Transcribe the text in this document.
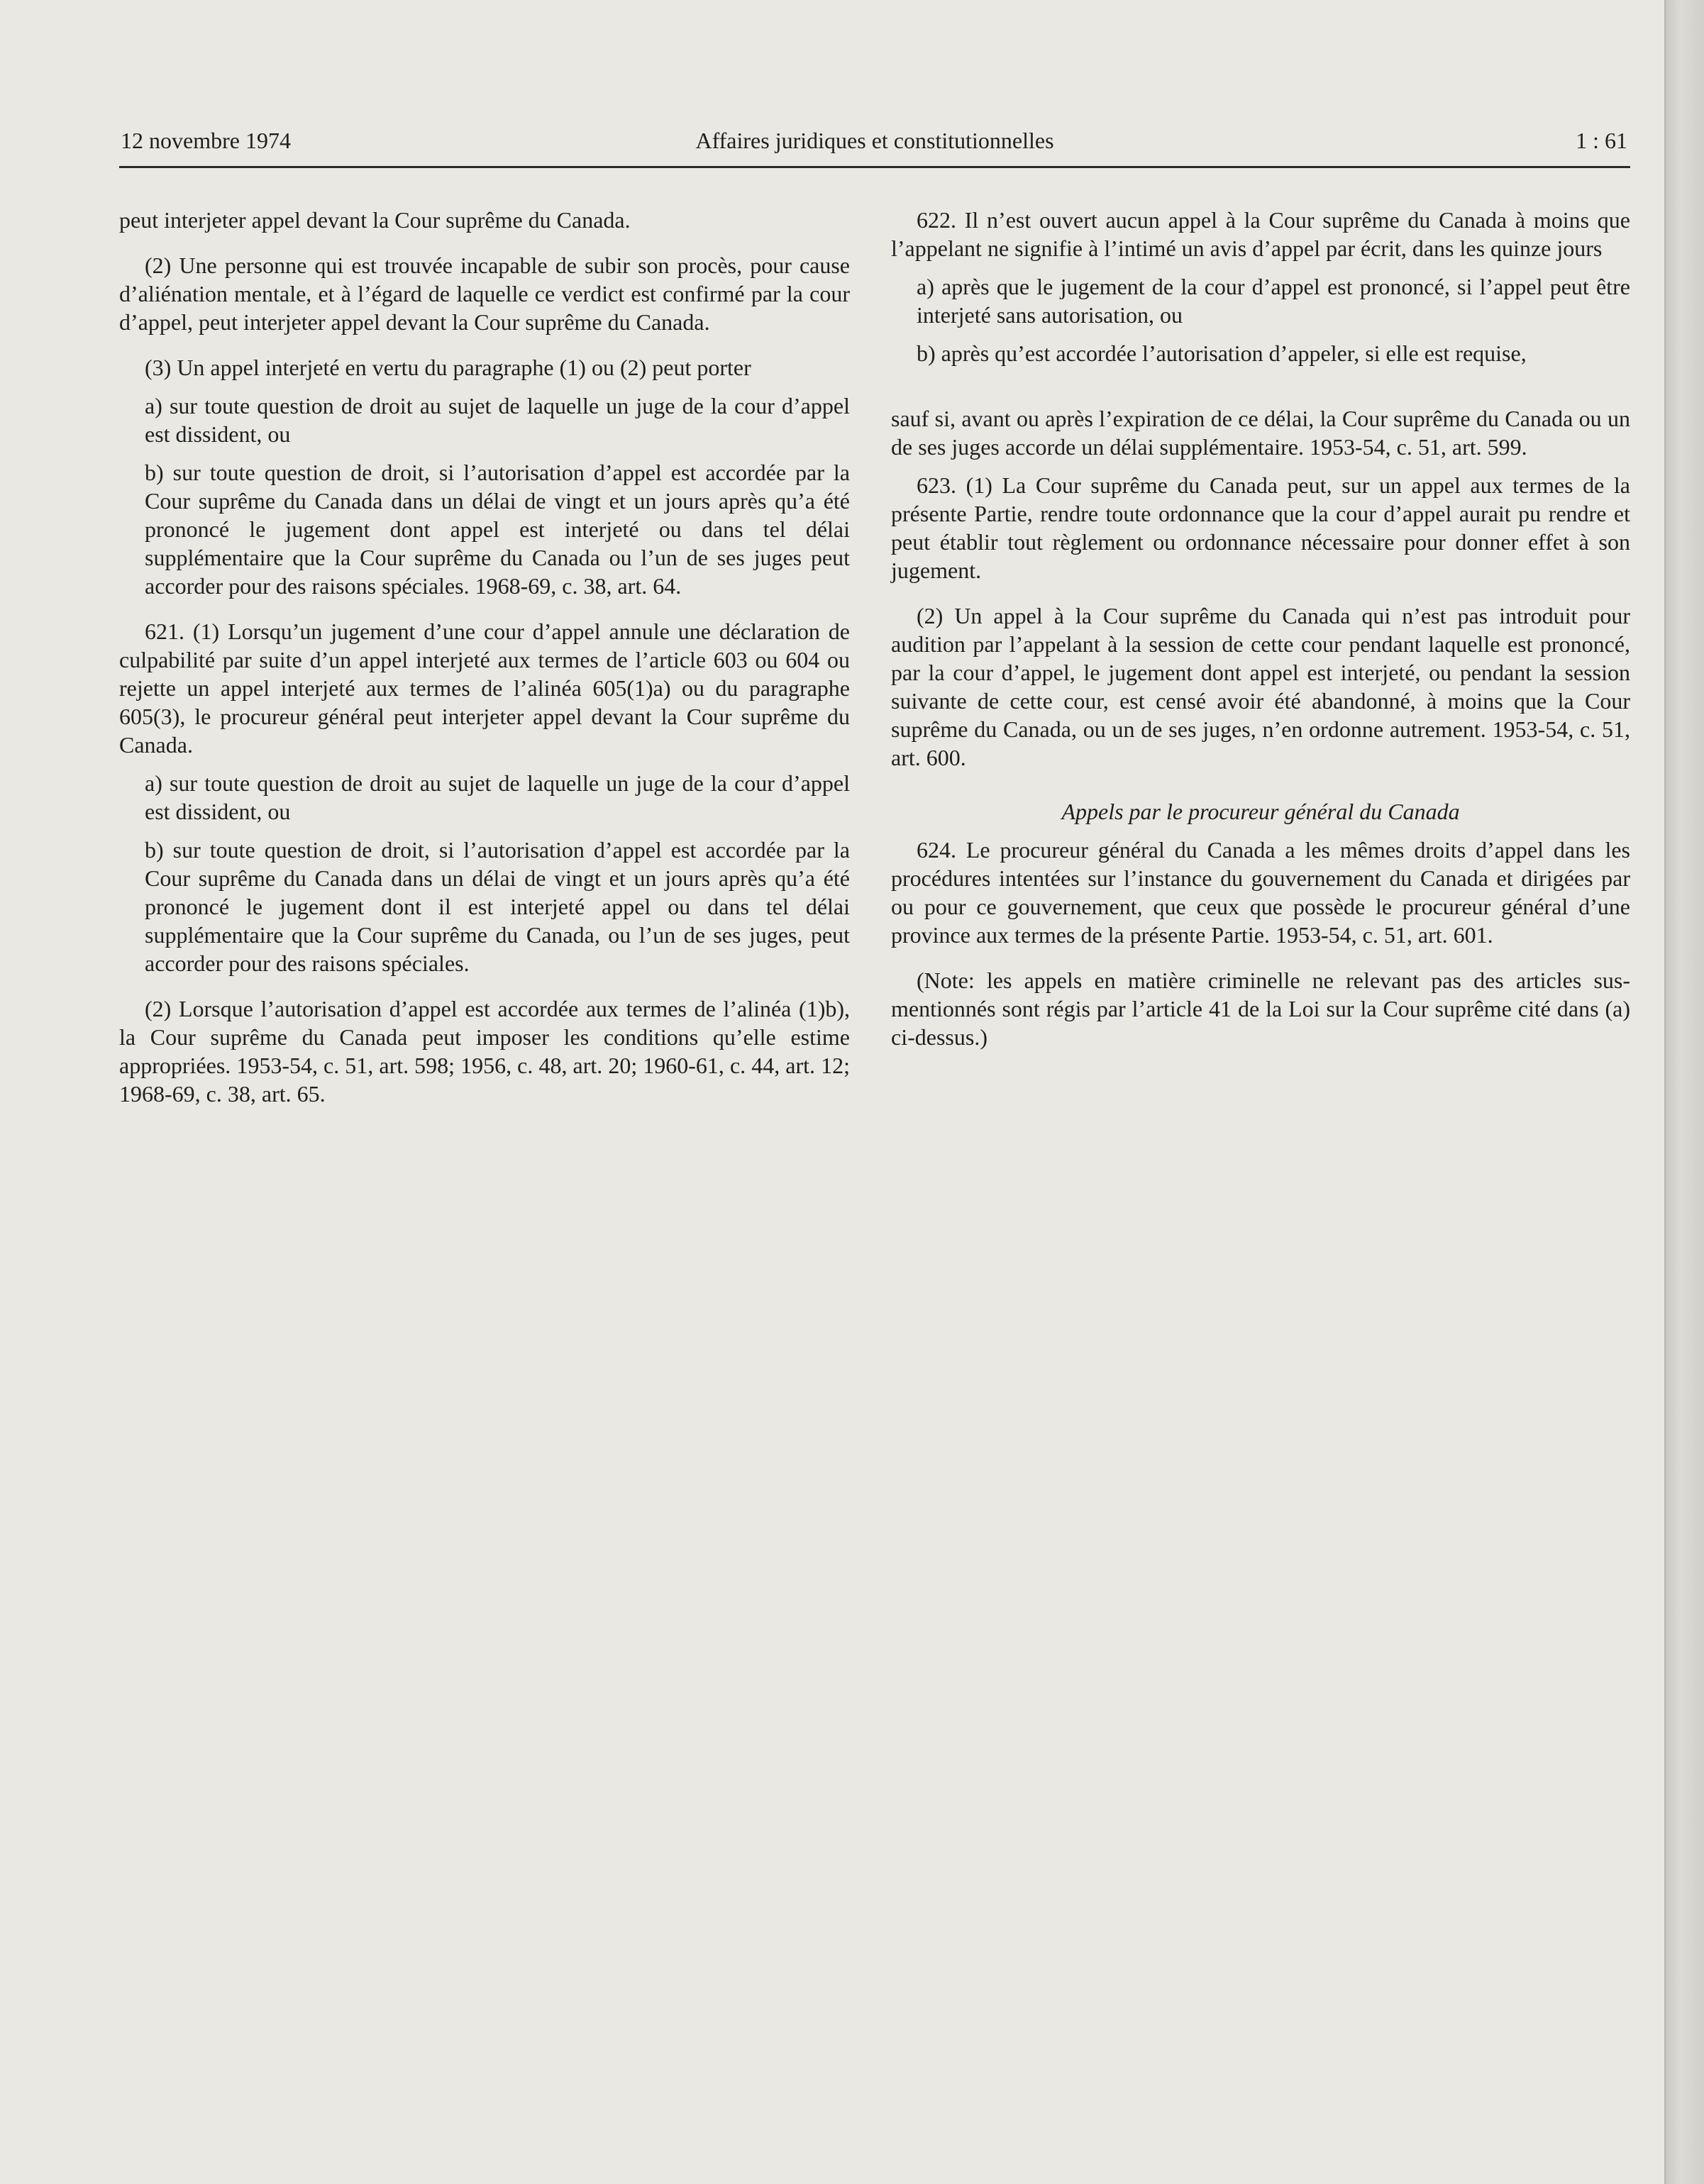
12 novembre 1974	Affaires juridiques et constitutionnelles	1 : 61

peut interjeter appel devant la Cour suprême du Canada.

(2) Une personne qui est trouvée incapable de subir son procès, pour cause d’aliénation mentale, et à l’égard de laquelle ce verdict est confirmé par la cour d’appel, peut interjeter appel devant la Cour suprême du Canada.

(3) Un appel interjeté en vertu du paragraphe (1) ou (2) peut porter

a) sur toute question de droit au sujet de laquelle un juge de la cour d’appel est dissident, ou

b) sur toute question de droit, si l’autorisation d’appel est accordée par la Cour suprême du Canada dans un délai de vingt et un jours après qu’a été prononcé le jugement dont appel est interjeté ou dans tel délai supplémentaire que la Cour suprême du Canada ou l’un de ses juges peut accorder pour des raisons spéciales. 1968-69, c. 38, art. 64.

621. (1) Lorsqu’un jugement d’une cour d’appel annule une déclaration de culpabilité par suite d’un appel interjeté aux termes de l’article 603 ou 604 ou rejette un appel interjeté aux termes de l’alinéa 605(1)a) ou du paragraphe 605(3), le procureur général peut interjeter appel devant la Cour suprême du Canada.

a) sur toute question de droit au sujet de laquelle un juge de la cour d’appel est dissident, ou

b) sur toute question de droit, si l’autorisation d’appel est accordée par la Cour suprême du Canada dans un délai de vingt et un jours après qu’a été prononcé le jugement dont il est interjeté appel ou dans tel délai supplémentaire que la Cour suprême du Canada, ou l’un de ses juges, peut accorder pour des raisons spéciales.

(2) Lorsque l’autorisation d’appel est accordée aux termes de l’alinéa (1)b), la Cour suprême du Canada peut imposer les conditions qu’elle estime appropriées. 1953-54, c. 51, art. 598; 1956, c. 48, art. 20; 1960-61, c. 44, art. 12; 1968-69, c. 38, art. 65.

622. Il n’est ouvert aucun appel à la Cour suprême du Canada à moins que l’appelant ne signifie à l’intimé un avis d’appel par écrit, dans les quinze jours

a) après que le jugement de la cour d’appel est prononcé, si l’appel peut être interjeté sans autorisation, ou

b) après qu’est accordée l’autorisation d’appeler, si elle est requise,

sauf si, avant ou après l’expiration de ce délai, la Cour suprême du Canada ou un de ses juges accorde un délai supplémentaire. 1953-54, c. 51, art. 599.

623. (1) La Cour suprême du Canada peut, sur un appel aux termes de la présente Partie, rendre toute ordonnance que la cour d’appel aurait pu rendre et peut établir tout règlement ou ordonnance nécessaire pour donner effet à son jugement.

(2) Un appel à la Cour suprême du Canada qui n’est pas introduit pour audition par l’appelant à la session de cette cour pendant laquelle est prononcé, par la cour d’appel, le jugement dont appel est interjeté, ou pendant la session suivante de cette cour, est censé avoir été abandonné, à moins que la Cour suprême du Canada, ou un de ses juges, n’en ordonne autrement. 1953-54, c. 51, art. 600.

Appels par le procureur général du Canada

624. Le procureur général du Canada a les mêmes droits d’appel dans les procédures intentées sur l’instance du gouvernement du Canada et dirigées par ou pour ce gouvernement, que ceux que possède le procureur général d’une province aux termes de la présente Partie. 1953-54, c. 51, art. 601.

(Note: les appels en matière criminelle ne relevant pas des articles sus-mentionnés sont régis par l’article 41 de la Loi sur la Cour suprême cité dans (a) ci-dessus.)
